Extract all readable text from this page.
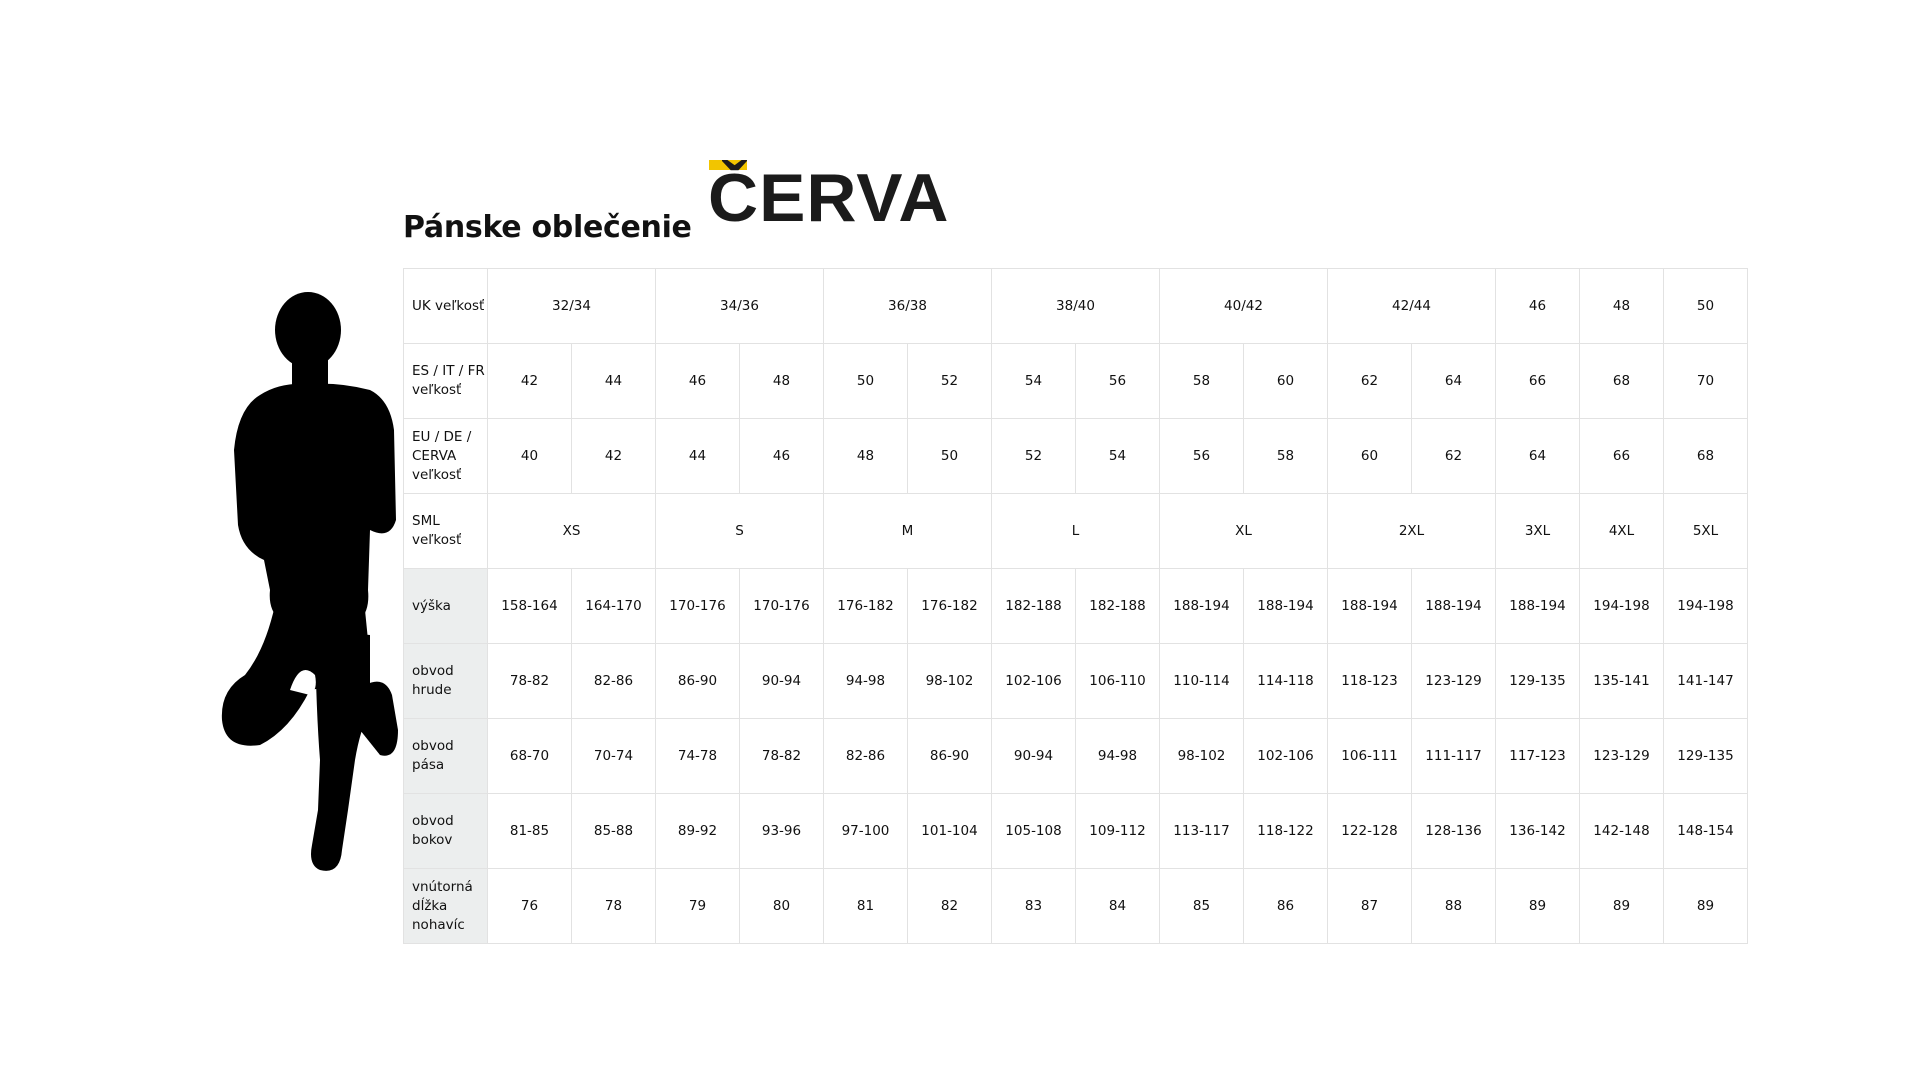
Pánske oblečenie ČERVA
UK veľkosť	32/34		34/36		36/38		38/40		40/42		42/44		46	48	50
ES / IT / FR veľkosť	42	44	46	48	50	52	54	56	58	60	62	64	66	68	70
EU / DE / CERVA veľkosť	40	42	44	46	48	50	52	54	56	58	60	62	64	66	68
SML veľkosť	XS		S		M		L		XL		2XL		3XL	4XL	5XL
výška	158-164	164-170	170-176	170-176	176-182	176-182	182-188	182-188	188-194	188-194	188-194	188-194	188-194	194-198	194-198
obvod hrude	78-82	82-86	86-90	90-94	94-98	98-102	102-106	106-110	110-114	114-118	118-123	123-129	129-135	135-141	141-147
obvod pása	68-70	70-74	74-78	78-82	82-86	86-90	90-94	94-98	98-102	102-106	106-111	111-117	117-123	123-129	129-135
obvod bokov	81-85	85-88	89-92	93-96	97-100	101-104	105-108	109-112	113-117	118-122	122-128	128-136	136-142	142-148	148-154
vnútorná dĺžka nohavíc	76	78	79	80	81	82	83	84	85	86	87	88	89	89	89
